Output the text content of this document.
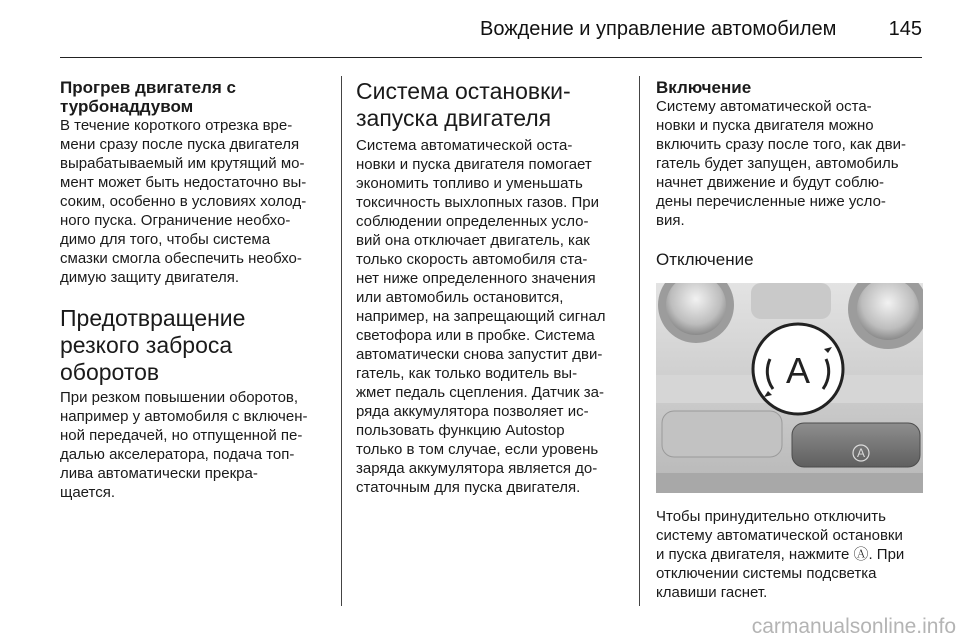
Вождение и управление автомобилем	145
Прогрев двигателя с
турбонаддувом
В течение короткого отрезка вре-
мени сразу после пуска двигателя
вырабатываемый им крутящий мо-
мент может быть недостаточно вы-
соким, особенно в условиях холод-
ного пуска. Ограничение необхо-
димо для того, чтобы система
смазки смогла обеспечить необхо-
димую защиту двигателя.
Предотвращение
резкого заброса
оборотов
При резком повышении оборотов,
например у автомобиля с включен-
ной передачей, но отпущенной пе-
далью акселератора, подача топ-
лива автоматически прекра-
щается.
Система остановки-
запуска двигателя
Система автоматической оста-
новки и пуска двигателя помогает
экономить топливо и уменьшать
токсичность выхлопных газов. При
соблюдении определенных усло-
вий она отключает двигатель, как
только скорость автомобиля ста-
нет ниже определенного значения
или автомобиль остановится,
например, на запрещающий сигнал
светофора или в пробке. Система
автоматически снова запустит дви-
гатель, как только водитель вы-
жмет педаль сцепления. Датчик за-
ряда аккумулятора позволяет ис-
пользовать функцию Autostop
только в том случае, если уровень
заряда аккумулятора является до-
статочным для пуска двигателя.
Включение
Систему автоматической оста-
новки и пуска двигателя можно
включить сразу после того, как дви-
гатель будет запущен, автомобиль
начнет движение и будут соблю-
дены перечисленные ниже усло-
вия.
Отключение
A
A
Чтобы принудительно отключить
систему автоматической остановки
и пуска двигателя, нажмите Ⓐ. При
отключении системы подсветка
клавиши гаснет.
carmanualsonline.info
